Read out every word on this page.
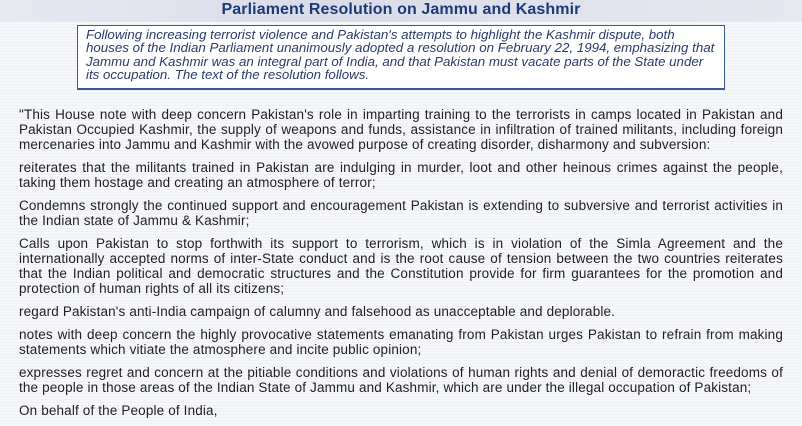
Parliament Resolution on Jammu and Kashmir
Following increasing terrorist violence and Pakistan's attempts to highlight the Kashmir dispute, both houses of the Indian Parliament unanimously adopted a resolution on February 22, 1994, emphasizing that Jammu and Kashmir was an integral part of India, and that Pakistan must vacate parts of the State under its occupation. The text of the resolution follows.

"This House note with deep concern Pakistan's role in imparting training to the terrorists in camps located in Pakistan and Pakistan Occupied Kashmir, the supply of weapons and funds, assistance in infiltration of trained militants, including foreign mercenaries into Jammu and Kashmir with the avowed purpose of creating disorder, disharmony and subversion:

reiterates that the militants trained in Pakistan are indulging in murder, loot and other heinous crimes against the people, taking them hostage and creating an atmosphere of terror;

Condemns strongly the continued support and encouragement Pakistan is extending to subversive and terrorist activities in the Indian state of Jammu & Kashmir;

Calls upon Pakistan to stop forthwith its support to terrorism, which is in violation of the Simla Agreement and the internationally accepted norms of inter-State conduct and is the root cause of tension between the two countries reiterates that the Indian political and democratic structures and the Constitution provide for firm guarantees for the promotion and protection of human rights of all its citizens;

regard Pakistan's anti-India campaign of calumny and falsehood as unacceptable and deplorable.

notes with deep concern the highly provocative statements emanating from Pakistan urges Pakistan to refrain from making statements which vitiate the atmosphere and incite public opinion;

expresses regret and concern at the pitiable conditions and violations of human rights and denial of demoractic freedoms of the people in those areas of the Indian State of Jammu and Kashmir, which are under the illegal occupation of Pakistan;

On behalf of the People of India,
